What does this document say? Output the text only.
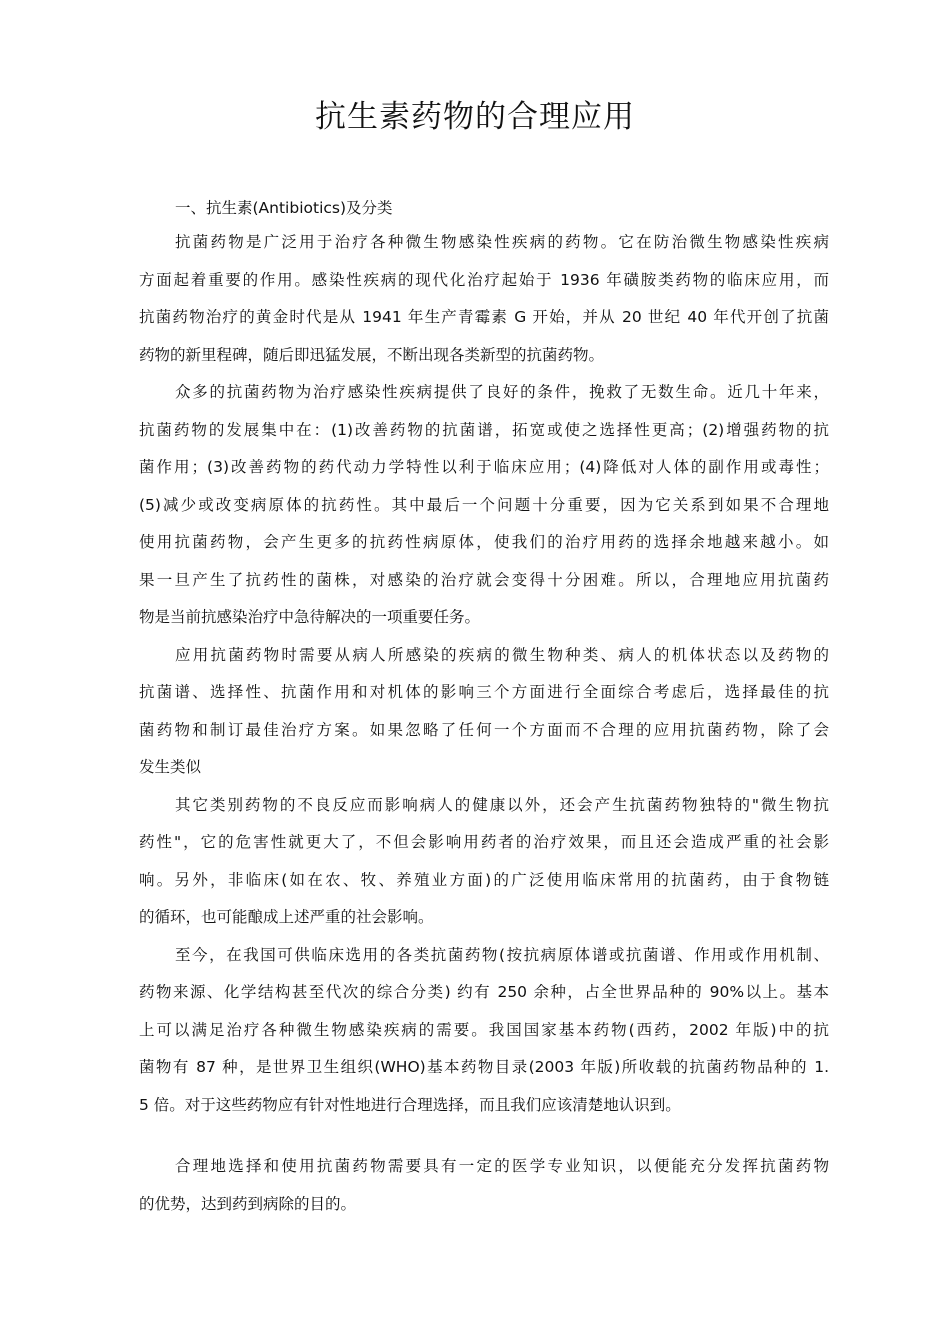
抗生素药物的合理应用
一、抗生素(Antibiotics)及分类
抗菌药物是广泛用于治疗各种微生物感染性疾病的药物。它在防治微生物感染性疾病
方面起着重要的作用。感染性疾病的现代化治疗起始于 1936 年磺胺类药物的临床应用，而
抗菌药物治疗的黄金时代是从 1941 年生产青霉素 G 开始，并从 20 世纪 40 年代开创了抗菌
药物的新里程碑，随后即迅猛发展，不断出现各类新型的抗菌药物。
众多的抗菌药物为治疗感染性疾病提供了良好的条件，挽救了无数生命。近几十年来，
抗菌药物的发展集中在：(1)改善药物的抗菌谱，拓宽或使之选择性更高；(2)增强药物的抗
菌作用；(3)改善药物的药代动力学特性以利于临床应用；(4)降低对人体的副作用或毒性；
(5)减少或改变病原体的抗药性。其中最后一个问题十分重要，因为它关系到如果不合理地
使用抗菌药物，会产生更多的抗药性病原体，使我们的治疗用药的选择余地越来越小。如
果一旦产生了抗药性的菌株，对感染的治疗就会变得十分困难。所以，合理地应用抗菌药
物是当前抗感染治疗中急待解决的一项重要任务。
应用抗菌药物时需要从病人所感染的疾病的微生物种类、病人的机体状态以及药物的
抗菌谱、选择性、抗菌作用和对机体的影响三个方面进行全面综合考虑后，选择最佳的抗
菌药物和制订最佳治疗方案。如果忽略了任何一个方面而不合理的应用抗菌药物，除了会
发生类似
其它类别药物的不良反应而影响病人的健康以外，还会产生抗菌药物独特的"微生物抗
药性"，它的危害性就更大了，不但会影响用药者的治疗效果，而且还会造成严重的社会影
响。另外，非临床(如在农、牧、养殖业方面)的广泛使用临床常用的抗菌药，由于食物链
的循环，也可能酿成上述严重的社会影响。
至今，在我国可供临床选用的各类抗菌药物(按抗病原体谱或抗菌谱、作用或作用机制、
药物来源、化学结构甚至代次的综合分类) 约有 250 余种，占全世界品种的 90%以上。基本
上可以满足治疗各种微生物感染疾病的需要。我国国家基本药物(西药，2002 年版)中的抗
菌物有 87 种，是世界卫生组织(WHO)基本药物目录(2003 年版)所收载的抗菌药物品种的 1.
5 倍。对于这些药物应有针对性地进行合理选择，而且我们应该清楚地认识到。
合理地选择和使用抗菌药物需要具有一定的医学专业知识，以便能充分发挥抗菌药物
的优势，达到药到病除的目的。
